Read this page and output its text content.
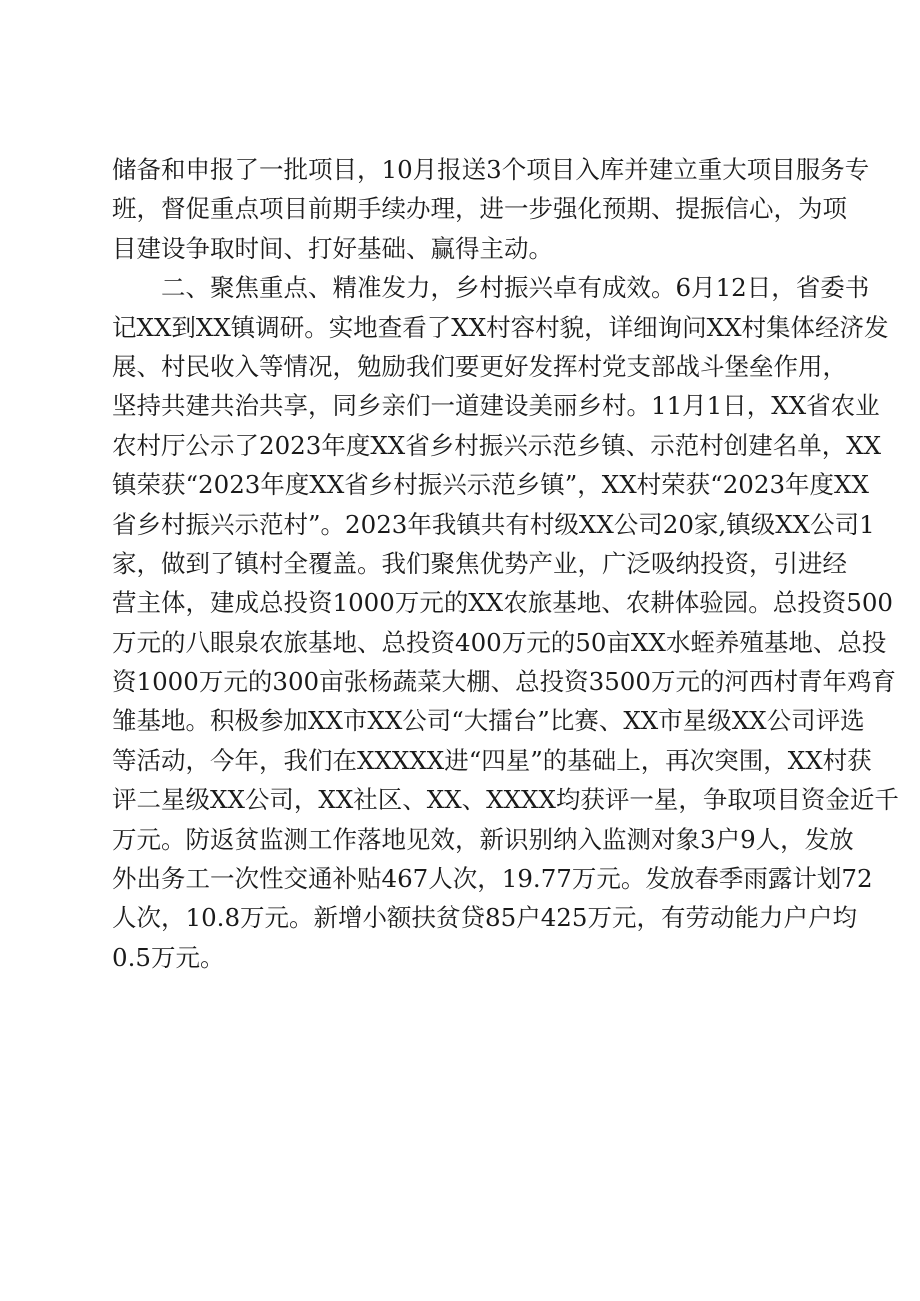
储备和申报了一批项目，10月报送3个项目入库并建立重大项目服务专
班，督促重点项目前期手续办理，进一步强化预期、提振信心，为项
目建设争取时间、打好基础、赢得主动。
二、聚焦重点、精准发力，乡村振兴卓有成效。6月12日，省委书
记XX到XX镇调研。实地查看了XX村容村貌，详细询问XX村集体经济发
展、村民收入等情况，勉励我们要更好发挥村党支部战斗堡垒作用，
坚持共建共治共享，同乡亲们一道建设美丽乡村。11月1日，XX省农业
农村厅公示了2023年度XX省乡村振兴示范乡镇、示范村创建名单，XX
镇荣获“2023年度XX省乡村振兴示范乡镇”，XX村荣获“2023年度XX
省乡村振兴示范村”。2023年我镇共有村级XX公司20家,镇级XX公司1
家，做到了镇村全覆盖。我们聚焦优势产业，广泛吸纳投资，引进经
营主体，建成总投资1000万元的XX农旅基地、农耕体验园。总投资500
万元的八眼泉农旅基地、总投资400万元的50亩XX水蛭养殖基地、总投
资1000万元的300亩张杨蔬菜大棚、总投资3500万元的河西村青年鸡育
雏基地。积极参加XX市XX公司“大擂台”比赛、XX市星级XX公司评选
等活动，今年，我们在XXXXX进“四星”的基础上，再次突围，XX村获
评二星级XX公司，XX社区、XX、XXXX均获评一星，争取项目资金近千
万元。防返贫监测工作落地见效，新识别纳入监测对象3户9人，发放
外出务工一次性交通补贴467人次，19.77万元。发放春季雨露计划72
人次，10.8万元。新增小额扶贫贷85户425万元，有劳动能力户户均
0.5万元。
